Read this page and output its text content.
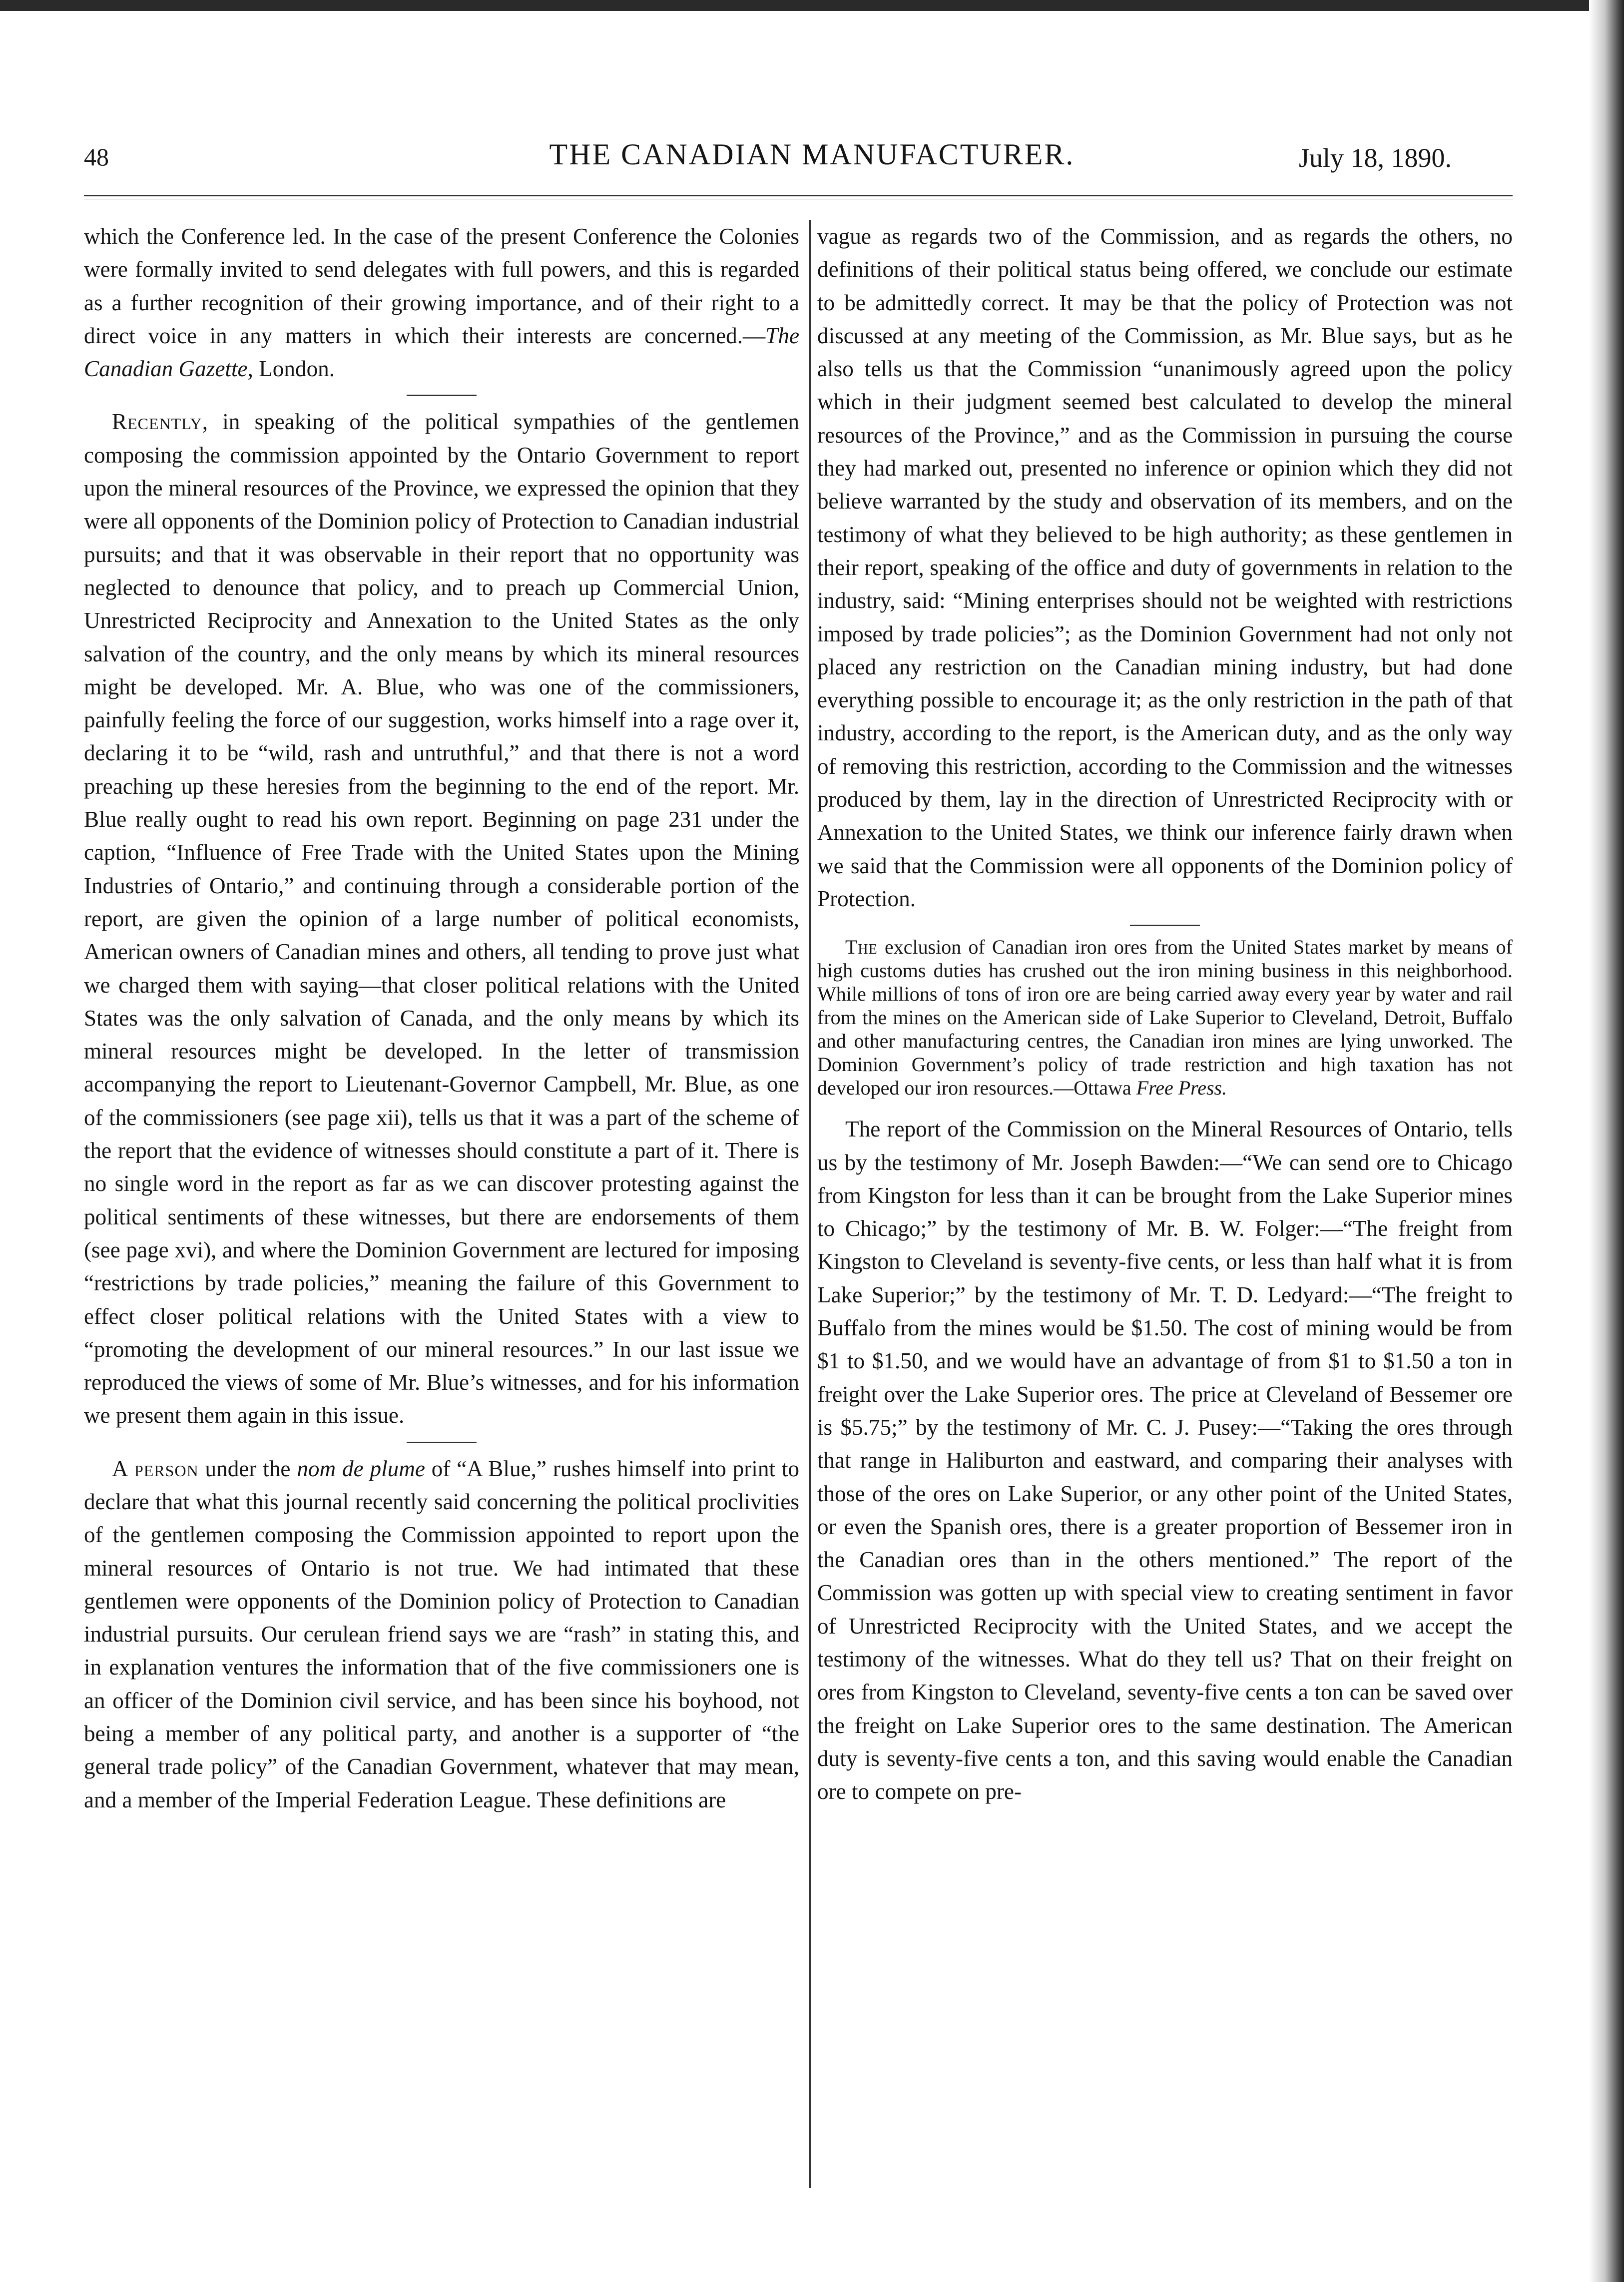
48	THE CANADIAN MANUFACTURER.	July 18, 1890.

which the Conference led. In the case of the present Conference the Colonies were formally invited to send delegates with full powers, and this is regarded as a further recognition of their growing importance, and of their right to a direct voice in any matters in which their interests are concerned.—The Canadian Gazette, London.

Recently, in speaking of the political sympathies of the gentlemen composing the commission appointed by the Ontario Government to report upon the mineral resources of the Province, we expressed the opinion that they were all opponents of the Dominion policy of Protection to Canadian industrial pursuits; and that it was observable in their report that no opportunity was neglected to denounce that policy, and to preach up Commercial Union, Unrestricted Reciprocity and Annexation to the United States as the only salvation of the country, and the only means by which its mineral resources might be developed. Mr. A. Blue, who was one of the commissioners, painfully feeling the force of our suggestion, works himself into a rage over it, declaring it to be “wild, rash and untruthful,” and that there is not a word preaching up these heresies from the beginning to the end of the report. Mr. Blue really ought to read his own report. Beginning on page 231 under the caption, “Influence of Free Trade with the United States upon the Mining Industries of Ontario,” and continuing through a considerable portion of the report, are given the opinion of a large number of political economists, American owners of Canadian mines and others, all tending to prove just what we charged them with saying—that closer political relations with the United States was the only salvation of Canada, and the only means by which its mineral resources might be developed. In the letter of transmission accompanying the report to Lieutenant-Governor Campbell, Mr. Blue, as one of the commissioners (see page xii), tells us that it was a part of the scheme of the report that the evidence of witnesses should constitute a part of it. There is no single word in the report as far as we can discover protesting against the political sentiments of these witnesses, but there are endorsements of them (see page xvi), and where the Dominion Government are lectured for imposing “restrictions by trade policies,” meaning the failure of this Government to effect closer political relations with the United States with a view to “promoting the development of our mineral resources.” In our last issue we reproduced the views of some of Mr. Blue’s witnesses, and for his information we present them again in this issue.

A person under the nom de plume of “A Blue,” rushes himself into print to declare that what this journal recently said concerning the political proclivities of the gentlemen composing the Commission appointed to report upon the mineral resources of Ontario is not true. We had intimated that these gentlemen were opponents of the Dominion policy of Protection to Canadian industrial pursuits. Our cerulean friend says we are “rash” in stating this, and in explanation ventures the information that of the five commissioners one is an officer of the Dominion civil service, and has been since his boyhood, not being a member of any political party, and another is a supporter of “the general trade policy” of the Canadian Government, whatever that may mean, and a member of the Imperial Federation League. These definitions are

vague as regards two of the Commission, and as regards the others, no definitions of their political status being offered, we conclude our estimate to be admittedly correct. It may be that the policy of Protection was not discussed at any meeting of the Commission, as Mr. Blue says, but as he also tells us that the Commission “unanimously agreed upon the policy which in their judgment seemed best calculated to develop the mineral resources of the Province,” and as the Commission in pursuing the course they had marked out, presented no inference or opinion which they did not believe warranted by the study and observation of its members, and on the testimony of what they believed to be high authority; as these gentlemen in their report, speaking of the office and duty of governments in relation to the industry, said: “Mining enterprises should not be weighted with restrictions imposed by trade policies”; as the Dominion Government had not only not placed any restriction on the Canadian mining industry, but had done everything possible to encourage it; as the only restriction in the path of that industry, according to the report, is the American duty, and as the only way of removing this restriction, according to the Commission and the witnesses produced by them, lay in the direction of Unrestricted Reciprocity with or Annexation to the United States, we think our inference fairly drawn when we said that the Commission were all opponents of the Dominion policy of Protection.

The exclusion of Canadian iron ores from the United States market by means of high customs duties has crushed out the iron mining business in this neighborhood. While millions of tons of iron ore are being carried away every year by water and rail from the mines on the American side of Lake Superior to Cleveland, Detroit, Buffalo and other manufacturing centres, the Canadian iron mines are lying unworked. The Dominion Government’s policy of trade restriction and high taxation has not developed our iron resources.—Ottawa Free Press.

The report of the Commission on the Mineral Resources of Ontario, tells us by the testimony of Mr. Joseph Bawden:—“We can send ore to Chicago from Kingston for less than it can be brought from the Lake Superior mines to Chicago;” by the testimony of Mr. B. W. Folger:—“The freight from Kingston to Cleveland is seventy-five cents, or less than half what it is from Lake Superior;” by the testimony of Mr. T. D. Ledyard:—“The freight to Buffalo from the mines would be $1.50. The cost of mining would be from $1 to $1.50, and we would have an advantage of from $1 to $1.50 a ton in freight over the Lake Superior ores. The price at Cleveland of Bessemer ore is $5.75;” by the testimony of Mr. C. J. Pusey:—“Taking the ores through that range in Haliburton and eastward, and comparing their analyses with those of the ores on Lake Superior, or any other point of the United States, or even the Spanish ores, there is a greater proportion of Bessemer iron in the Canadian ores than in the others mentioned.” The report of the Commission was gotten up with special view to creating sentiment in favor of Unrestricted Reciprocity with the United States, and we accept the testimony of the witnesses. What do they tell us? That on their freight on ores from Kingston to Cleveland, seventy-five cents a ton can be saved over the freight on Lake Superior ores to the same destination. The American duty is seventy-five cents a ton, and this saving would enable the Canadian ore to compete on pre-
